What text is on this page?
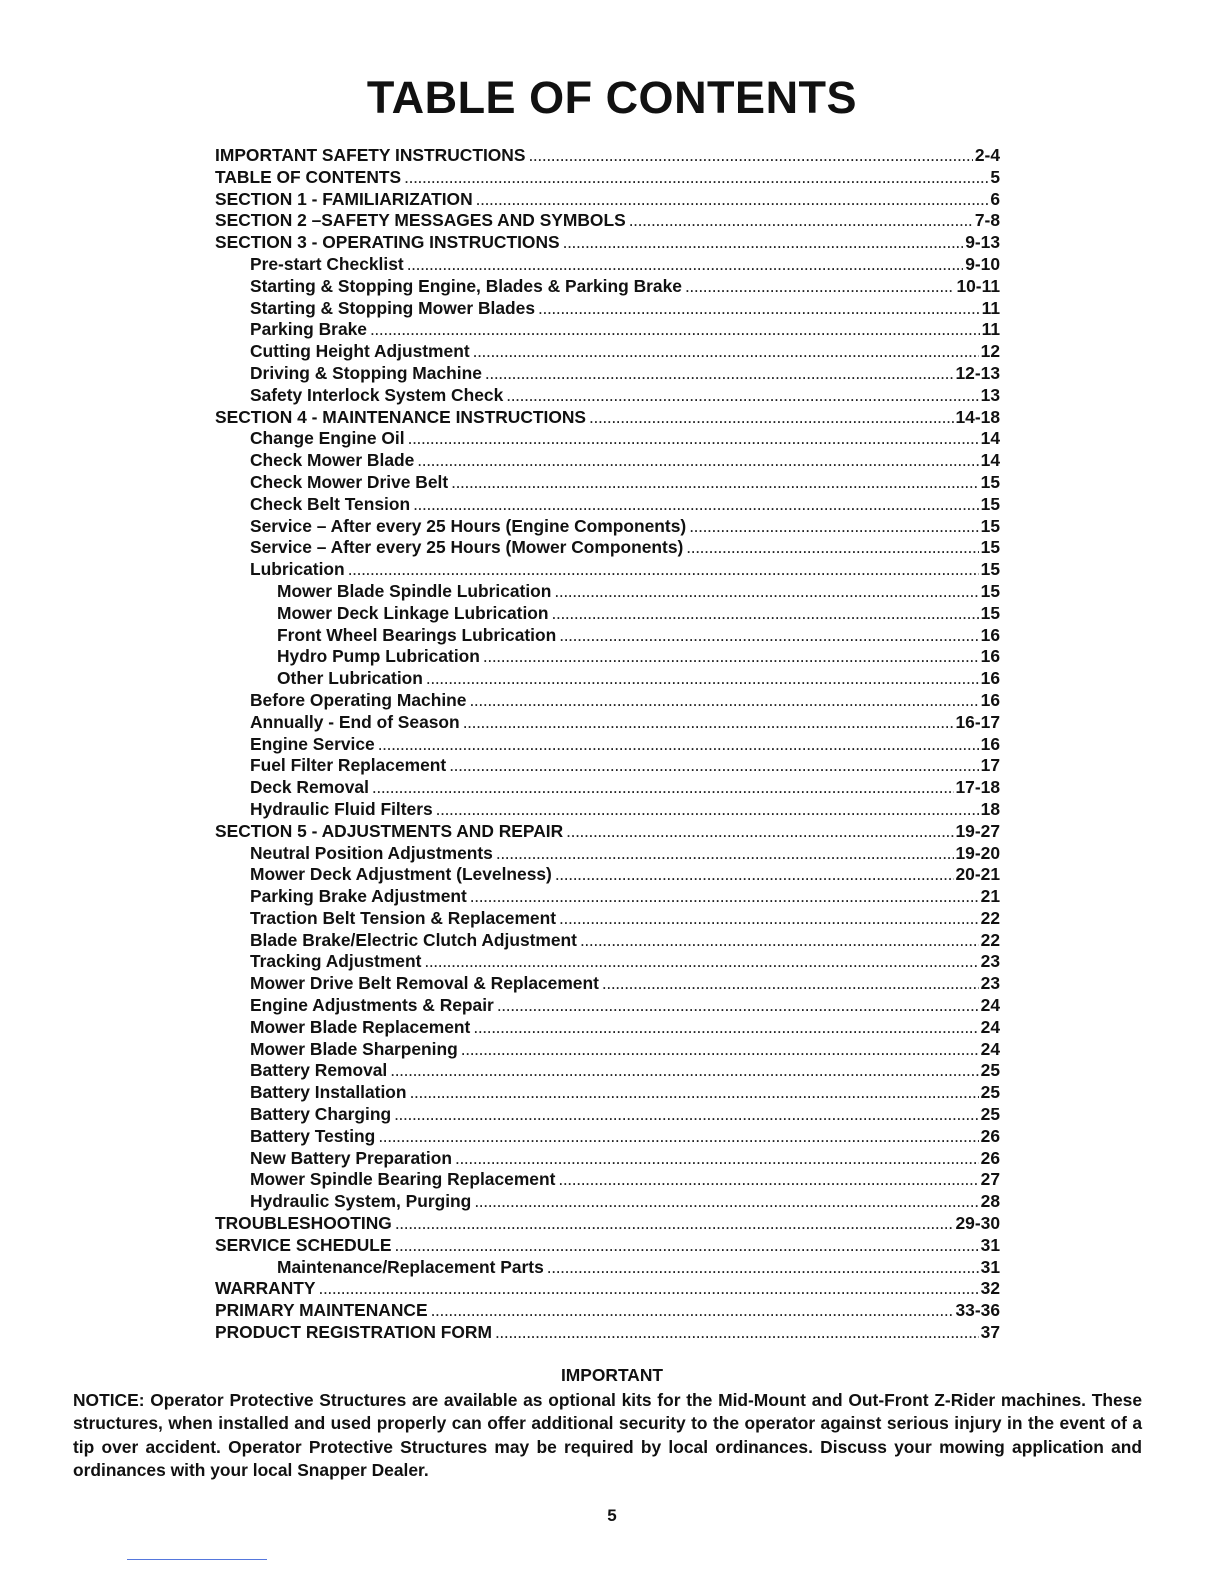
TABLE OF CONTENTS
IMPORTANT SAFETY INSTRUCTIONS . . .	2-4
TABLE OF CONTENTS . . .	5
SECTION 1 - FAMILIARIZATION . . .	6
SECTION 2 –SAFETY MESSAGES AND SYMBOLS . . .	7-8
SECTION 3 - OPERATING INSTRUCTIONS . . .	9-13
Pre-start Checklist . . .	9-10
Starting & Stopping Engine, Blades & Parking Brake . . .	10-11
Starting & Stopping Mower Blades . . .	11
Parking Brake . . .	11
Cutting Height Adjustment . . .	12
Driving & Stopping Machine . . .	12-13
Safety Interlock System Check . . .	13
SECTION 4 - MAINTENANCE INSTRUCTIONS . . .	14-18
Change Engine Oil . . .	14
Check Mower Blade . . .	14
Check Mower Drive Belt . . .	15
Check Belt Tension . . .	15
Service – After every 25 Hours (Engine Components) . . .	15
Service – After every 25 Hours (Mower Components) . . .	15
Lubrication . . .	15
Mower Blade Spindle Lubrication . . .	15
Mower Deck Linkage Lubrication . . .	15
Front Wheel Bearings Lubrication . . .	16
Hydro Pump Lubrication . . .	16
Other Lubrication . . .	16
Before Operating Machine . . .	16
Annually - End of Season . . .	16-17
Engine Service . . .	16
Fuel Filter Replacement . . .	17
Deck Removal . . .	17-18
Hydraulic Fluid Filters . . .	18
SECTION 5 - ADJUSTMENTS AND REPAIR . . .	19-27
Neutral Position Adjustments . . .	19-20
Mower Deck Adjustment (Levelness) . . .	20-21
Parking Brake Adjustment . . .	21
Traction Belt Tension & Replacement . . .	22
Blade Brake/Electric Clutch Adjustment . . .	22
Tracking Adjustment . . .	23
Mower Drive Belt Removal & Replacement . . .	23
Engine Adjustments & Repair . . .	24
Mower Blade Replacement . . .	24
Mower Blade Sharpening . . .	24
Battery Removal . . .	25
Battery Installation . . .	25
Battery Charging . . .	25
Battery Testing . . .	26
New Battery Preparation . . .	26
Mower Spindle Bearing Replacement . . .	27
Hydraulic System, Purging . . .	28
TROUBLESHOOTING . . .	29-30
SERVICE SCHEDULE . . .	31
Maintenance/Replacement Parts . . .	31
WARRANTY . . .	32
PRIMARY MAINTENANCE . . .	33-36
PRODUCT REGISTRATION FORM . . .	37

IMPORTANT

NOTICE: Operator Protective Structures are available as optional kits for the Mid-Mount and Out-Front Z-Rider machines. These structures, when installed and used properly can offer additional security to the operator against serious injury in the event of a tip over accident. Operator Protective Structures may be required by local ordinances. Discuss your mowing application and ordinances with your local Snapper Dealer.

5
